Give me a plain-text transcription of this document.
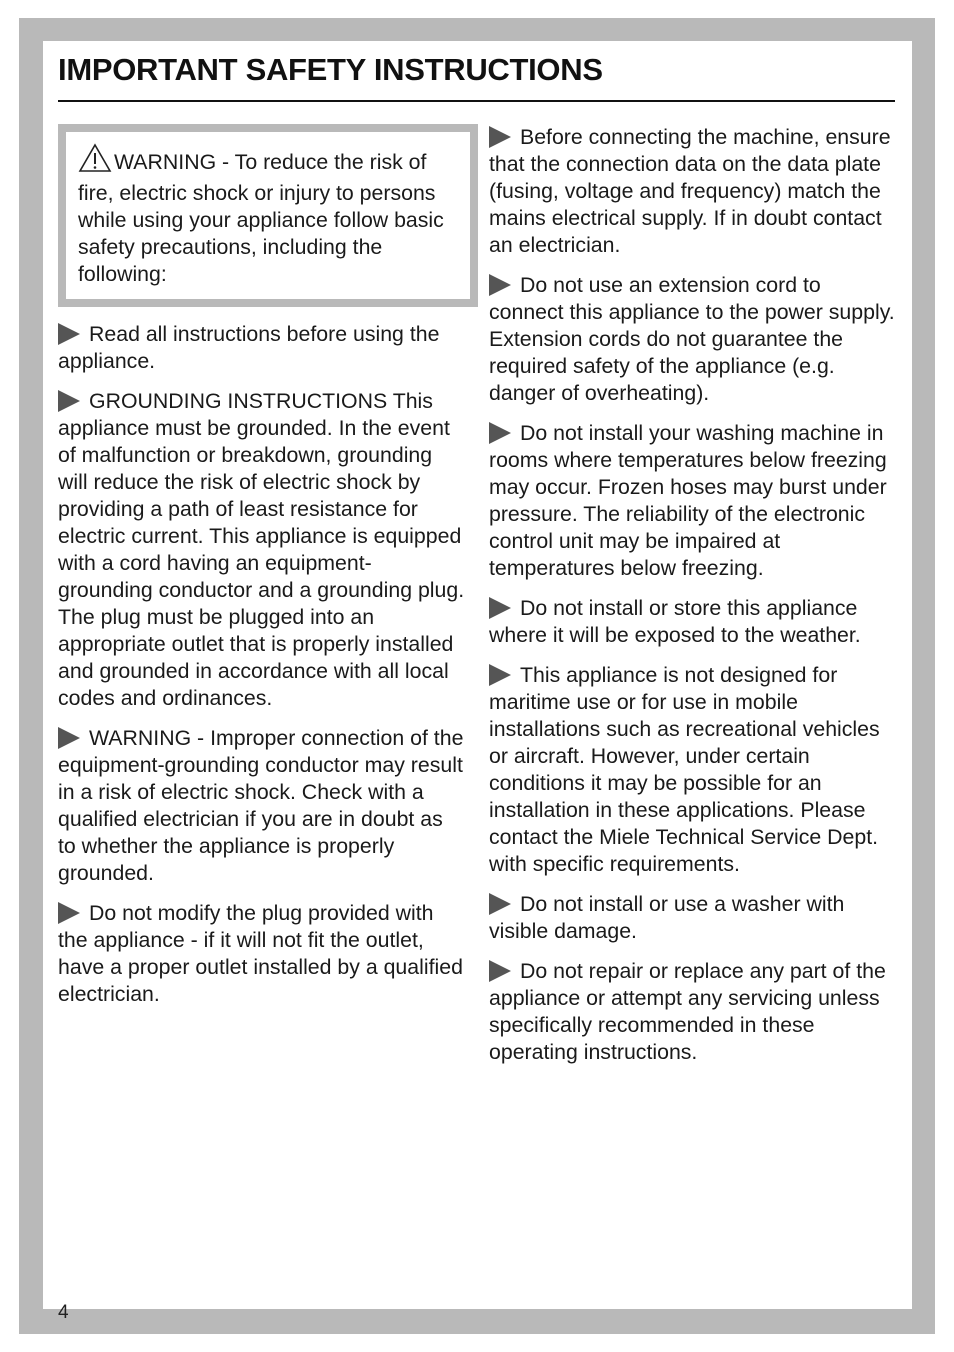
IMPORTANT SAFETY INSTRUCTIONS
WARNING - To reduce the risk of fire, electric shock or injury to persons while using your appliance follow basic safety precautions, including the following:

Read all instructions before using the appliance.

GROUNDING INSTRUCTIONS This appliance must be grounded. In the event of malfunction or breakdown, grounding will reduce the risk of electric shock by providing a path of least resistance for electric current. This appliance is equipped with a cord having an equipment- grounding conductor and a grounding plug. The plug must be plugged into an appropriate outlet that is properly installed and grounded in accordance with all local codes and ordinances.

WARNING - Improper connection of the equipment-grounding conductor may result in a risk of electric shock. Check with a qualified electrician if you are in doubt as to whether the appliance is properly grounded.

Do not modify the plug provided with the appliance - if it will not fit the outlet, have a proper outlet installed by a qualified electrician.

Before connecting the machine, ensure that the connection data on the data plate (fusing, voltage and frequency) match the mains electrical supply. If in doubt contact an electrician.

Do not use an extension cord to connect this appliance to the power supply. Extension cords do not guarantee the required safety of the appliance (e.g. danger of overheating).

Do not install your washing machine in rooms where temperatures below freezing may occur. Frozen hoses may burst under pressure. The reliability of the electronic control unit may be impaired at temperatures below freezing.

Do not install or store this appliance where it will be exposed to the weather.

This appliance is not designed for maritime use or for use in mobile installations such as recreational vehicles or aircraft. However, under certain conditions it may be possible for an installation in these applications. Please contact the Miele Technical Service Dept. with specific requirements.

Do not install or use a washer with visible damage.

Do not repair or replace any part of the appliance or attempt any servicing unless specifically recommended in these operating instructions.

4
